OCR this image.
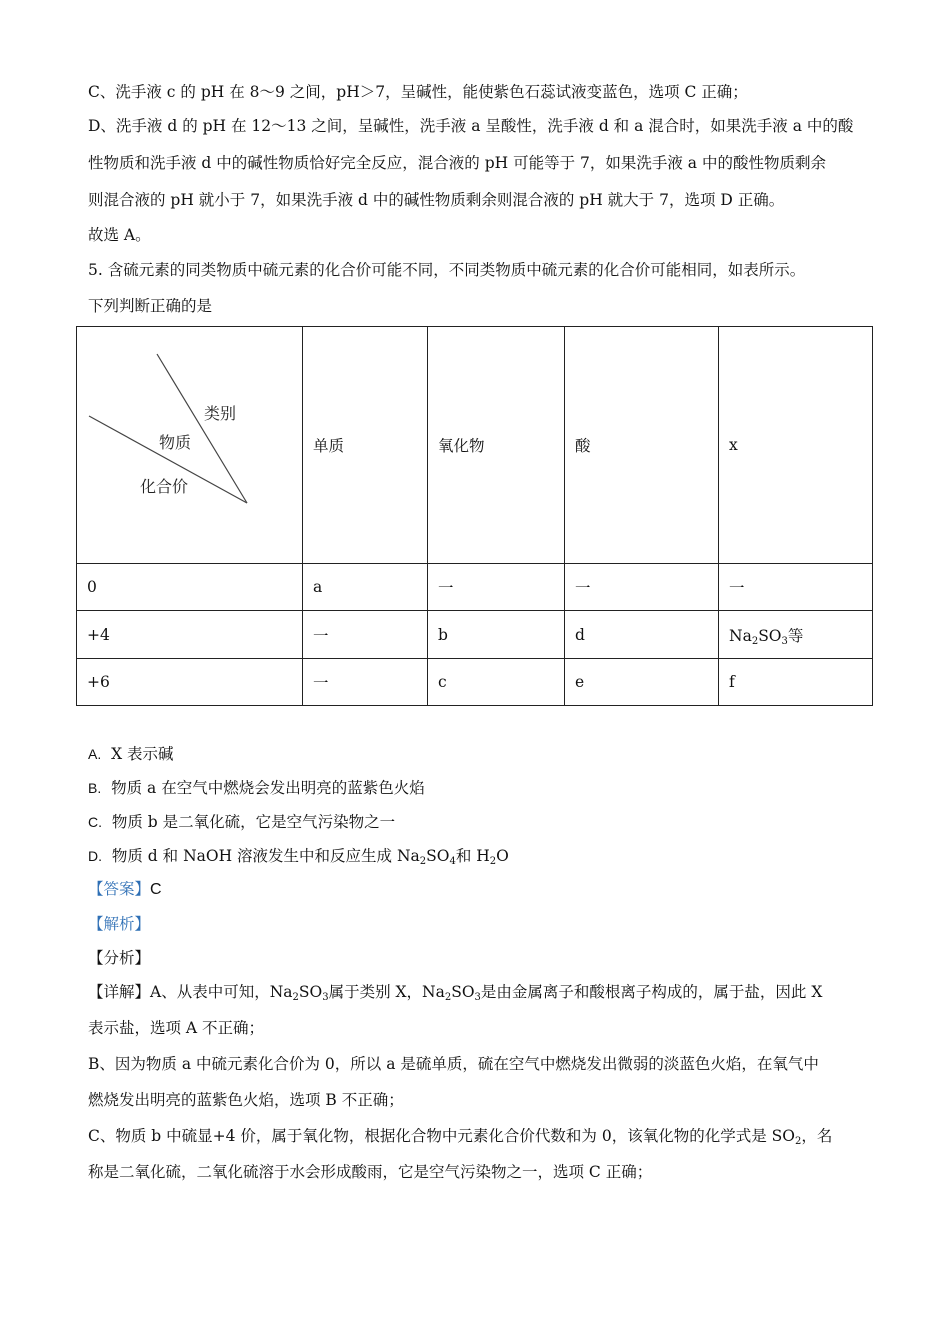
C、洗手液 c 的 pH 在 8～9 之间，pH＞7，呈碱性，能使紫色石蕊试液变蓝色，选项 C 正确；
D、洗手液 d 的 pH 在 12～13 之间，呈碱性，洗手液 a 呈酸性，洗手液 d 和 a 混合时，如果洗手液 a 中的酸
性物质和洗手液 d 中的碱性物质恰好完全反应，混合液的 pH 可能等于 7，如果洗手液 a 中的酸性物质剩余
则混合液的 pH 就小于 7，如果洗手液 d 中的碱性物质剩余则混合液的 pH 就大于 7，选项 D 正确。
故选 A。
5. 含硫元素的同类物质中硫元素的化合价可能不同，不同类物质中硫元素的化合价可能相同，如表所示。
下列判断正确的是
类别
物质
化合价	单质	氧化物	酸	x
0	a	一	一	一
+4	一	b	d	$Na_2SO_3$等
+6	一	c	e	f
A. X 表示碱
B. 物质 a 在空气中燃烧会发出明亮的蓝紫色火焰
C. 物质 b 是二氧化硫，它是空气污染物之一
D. 物质 d 和 NaOH 溶液发生中和反应生成 $Na_2SO_4$和 $H_2O$
【答案】C
【解析】
【分析】
【详解】A、从表中可知，$Na_2SO_3$属于类别 X，$Na_2SO_3$是由金属离子和酸根离子构成的，属于盐，因此 X
表示盐，选项 A 不正确；
B、因为物质 a 中硫元素化合价为 0，所以 a 是硫单质，硫在空气中燃烧发出微弱的淡蓝色火焰，在氧气中
燃烧发出明亮的蓝紫色火焰，选项 B 不正确；
C、物质 b 中硫显+4 价，属于氧化物，根据化合物中元素化合价代数和为 0，该氧化物的化学式是 $SO_2$，名
称是二氧化硫，二氧化硫溶于水会形成酸雨，它是空气污染物之一，选项 C 正确；
